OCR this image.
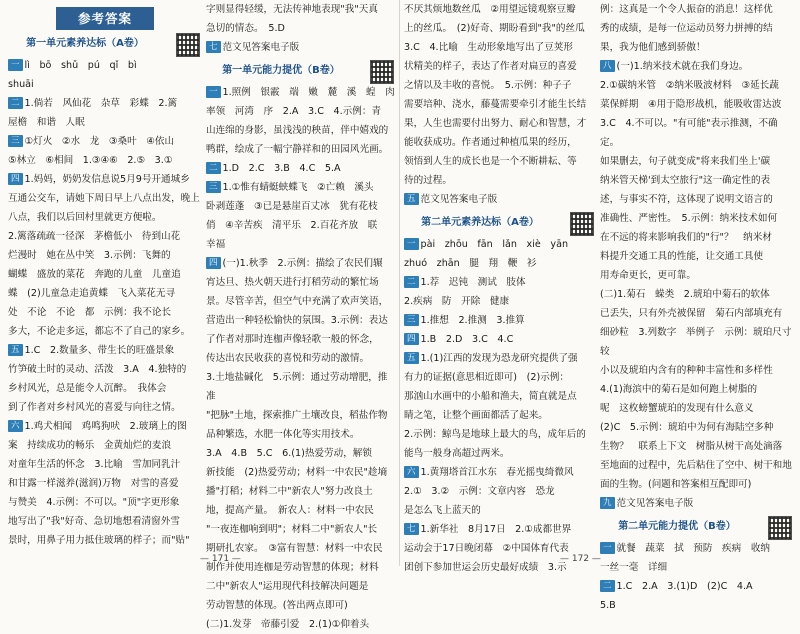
参考答案
第一单元素养达标（A卷）

一 lì　bō　shǔ　pú　qǐ　bì

shuāi

二 1.倘若　风仙花　杂草　彩蝶　2.篱

屋檐　和谐　人眠

三 ①灯火　②水　龙　③桑叶　④依山

⑤林立　⑥相间　1.③④⑥　2.⑤　3.①

四 1.妈妈，奶奶发信息说5月9号开通城乡

互通公交车，请她下周日早上八点出发，晚上

八点，我们以后回村里就更方便啦。

2.篱落疏疏一径深　茅檐低小　待到山花

烂漫时　她在丛中笑　3.示例：飞舞的

蝴蝶　盛放的菜花　奔跑的儿童　儿童追

蝶　(2)儿童急走追黄蝶　飞入菜花无寻

处　不论　不论　都　示例：我不论长

多大，不论走多远，都忘不了自己的家乡。

五 1.C　2.数量多、带生长的旺盛景象

竹笋破土时的灵动、活泼　3.A　4.独特的

乡村风光，总是能令人沉醉。　我体会

到了作者对乡村风光的喜爱与向往之情。

六 1.鸡犬相闻　鸡鸣狗吠　2.玻璃上的图

案　持续成功的畅乐　金黄灿烂的麦浪

对童年生活的怀念　3.比喻　雪加同乳汁

和甘露一样滋养(滋润)万物　对雪的喜爱

与赞美　4.示例：不可以。"顶"字更形象

地写出了"我"好奇、急切地想看清窗外雪

景时，用鼻子用力抵住玻璃的样子；而"贴"

字则显得轻缓，无法传神地表现"我"天真

急切的情态。　5.D

七 范文见答案电子版

第一单元能力提优（B卷）

一 1.照例　银霰　端　嫩　麓　溪　蝗　肉

率领　河湾　序　2.A　3.C　4.示例：青

山连绵的身影，虽浅浅的秧苗，伴中嬉戏的

鸭群，绘成了一幅宁静祥和的田园风光画。

二 1.D　2.C　3.B　4.C　5.A

三 1.①惟有蜻蜓蛱蝶飞　②亡赖　溪头

卧剥莲蓬　③已是悬崖百丈冰　犹有花枝

俏　④辛苦疾　清平乐　2.百花齐放　联

幸福

四 (一)1.秋季　2.示例：描绘了农民们辗

宵达旦、热火朝天进行打稻劳动的繁忙场

景。尽管辛苦，但空气中充满了欢声笑语，

营造出一种轻松愉快的氛围。3.示例：表达

了作者对那时连枷声像轻歌一般的怀念，

传达出农民收获的喜悦和劳动的激情。

3.土地盐碱化　5.示例：通过劳动增肥，推准

"把脉"土地，探索推广土壤改良，稻盐作物

品种繁选，水肥一体化等实用技术。

3.A　4.B　5.C　6.(1)热爱劳动，解锁

新技能　(2)热爱劳动；材料一中农民"趁墒

播"打稻；材料二中"新农人"努力改良土

地，提高产量。　新农人：材料一中农民

"一夜连枷响到明"；材料二中"新农人"长

期研扎农家。　③富有智慧：材料一中农民

制作并使用连枷是劳动智慧的体现；材料

二中"新农人"运用现代科技解决问题是

劳动智慧的体现。(答出两点即可)

(二)1.发芽　帝藤引爱　2.(1)①仰着头

不厌其烦地数丝瓜　②用望远镜观察豆瓣

上的丝瓜。　(2)好奇、期盼看到"我"的丝瓜

3.C　4.比喻　生动形象地写出了豆荚形

状精美的样子，表达了作者对扁豆的喜爱

之情以及丰收的喜悦。　5.示例：种子子

需要培种、浇水，藤蔓需要牵引才能生长结

果，人生也需要付出努力、耐心和智慧，才

能收获成功。作者通过种植瓜果的经历，

领悟到人生的成长也是一个不断耕耘、等

待的过程。

五 范文见答案电子版

第二单元素养达标（A卷）

一 pài　zhōu　fān　lǎn　xiè　yān

zhuó　zhān　腿　翔　鞭　衫

二 1.荐　迟钝　测试　肢体

2.疾病　防　开除　健康

三 1.推想　2.推测　3.推算

四 1.B　2.D　3.C　4.C

五 1.(1)江西的发现为恐龙研究提供了强

有力的证据(意思相近即可)　(2)示例：

那汹山水画中的小船和渔夫，简直就是点

睛之笔，让整个画面都活了起来。

2.示例：鲸鸟是地球上最大的鸟，成年后的

能鸟一般身高超过两米。

六 1.黄翔塔首江水东　春光摇曳绮微风

2.①　3.②　示例：文章内容　恐龙

是怎么飞上蓝天的

七 1.新华社　8月17日　2.①成都世界

运动会于17日晚闭幕　②中国体育代表

团创下参加世运会历史最好成绩　3.示

例：这真是一个令人振奋的消息！这样优

秀的成绩，是每一位运动员努力拼搏的结

果，我为他们感到骄傲！

八 (一)1.纳米技术就在我们身边。

2.①碳纳米管　②纳米吸波材料　③延长蔬

菜保鲜期　④用于隐形战机，能吸收雷达波

3.C　4.不可以。"有可能"表示推测，不确定。

如果删去，句子就变成"将来我们坐上'碳

纳米管天梯'到太空旅行"这一确定性的表

述，与事实不符，这体现了说明文语言的

准确性、严密性。　5.示例：纳米技术如何

在不远的将来影响我们的"行"？　纳米材

料提升交通工具的性能，让交通工具使

用寿命更长，更可靠。

(二)1.菊石　蝾类　2.琥珀中菊石的软体

已丢失，只有外壳被保留　菊石内部填充有

细砂粒　3.列数字　举例子　示例：琥珀尺寸较

小以及琥珀内含有的种种丰富性和多样性

4.(1)海滨中的菊石是如何跑上树脂的

呢　这枚螃蟹琥珀的发现有什么意义

(2)C　5.示例：琥珀中为何有海陆空多种

生物？　联系上下文　树脂从树干高处滴落

至地面的过程中，先后粘住了空中、树干和地

面的生物。(问题和答案相互配即可)

九 范文见答案电子版

第二单元能力提优（B卷）

一 就餐　蔬菜　拭　预防　疾病　收纳

一丝一毫　详细

二 1.C　2.A　3.(1)D　(2)C　4.A

5.B

— 171 —	— 172 —
